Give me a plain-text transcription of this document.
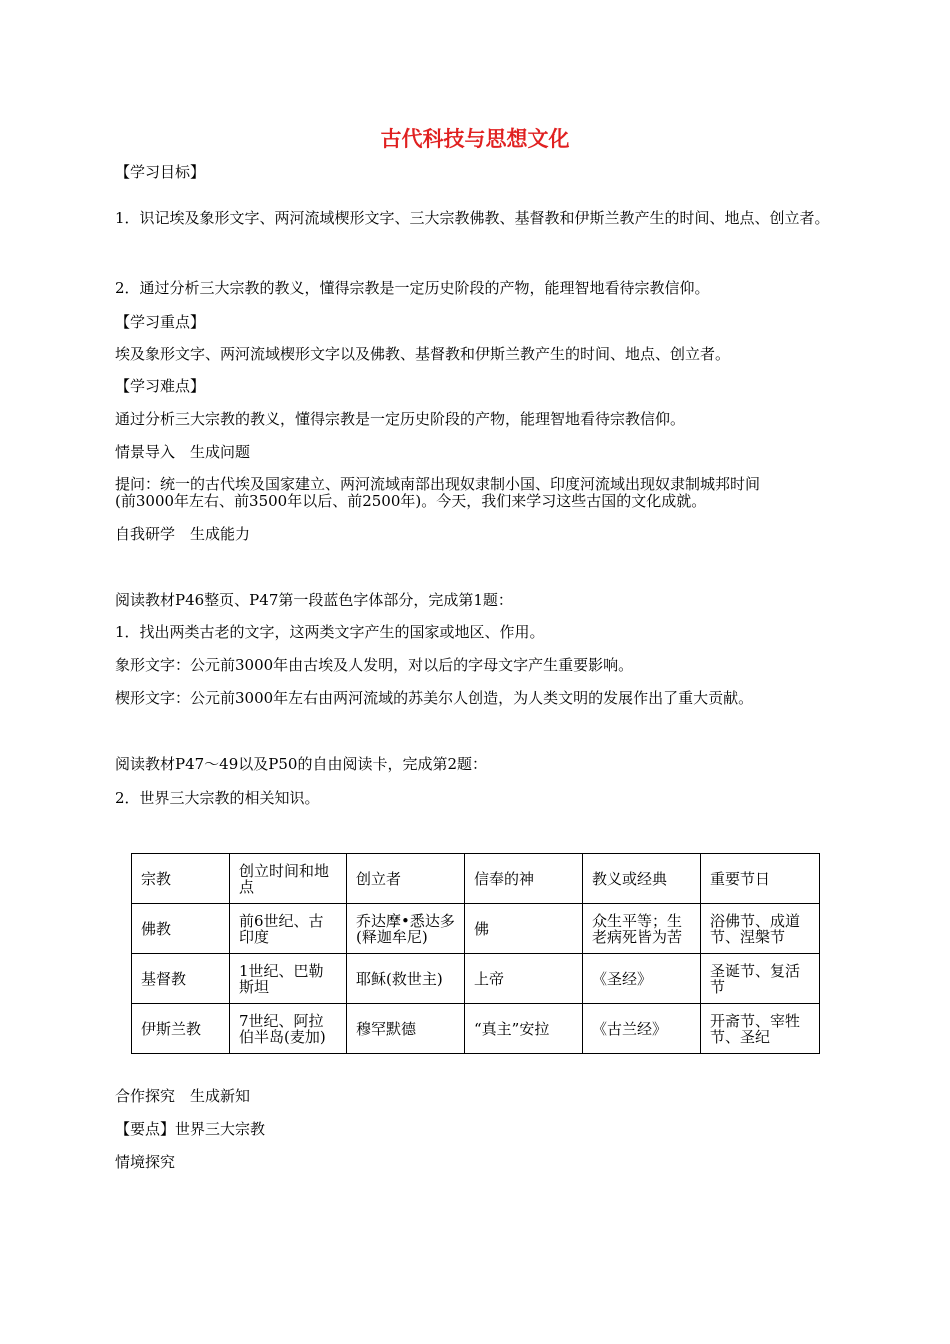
古代科技与思想文化
【学习目标】
1．识记埃及象形文字、两河流域楔形文字、三大宗教佛教、基督教和伊斯兰教产生的时间、地点、创立者。
2．通过分析三大宗教的教义，懂得宗教是一定历史阶段的产物，能理智地看待宗教信仰。
【学习重点】
埃及象形文字、两河流域楔形文字以及佛教、基督教和伊斯兰教产生的时间、地点、创立者。
【学习难点】
通过分析三大宗教的教义，懂得宗教是一定历史阶段的产物，能理智地看待宗教信仰。
情景导入　生成问题
提问：统一的古代埃及国家建立、两河流域南部出现奴隶制小国、印度河流域出现奴隶制城邦时间
(前3000年左右、前3500年以后、前2500年)。今天，我们来学习这些古国的文化成就。
自我研学　生成能力
阅读教材P46整页、P47第一段蓝色字体部分，完成第1题：
1．找出两类古老的文字，这两类文字产生的国家或地区、作用。
象形文字：公元前3000年由古埃及人发明，对以后的字母文字产生重要影响。
楔形文字：公元前3000年左右由两河流域的苏美尔人创造，为人类文明的发展作出了重大贡献。
阅读教材P47～49以及P50的自由阅读卡，完成第2题：
2．世界三大宗教的相关知识。
宗教	创立时间和地点	创立者	信奉的神	教义或经典	重要节日
佛教	前6世纪、古印度	乔达摩•悉达多(释迦牟尼)	佛	众生平等；生老病死皆为苦	浴佛节、成道节、涅槃节
基督教	1世纪、巴勒斯坦	耶稣(救世主)	上帝	《圣经》	圣诞节、复活节
伊斯兰教	7世纪、阿拉伯半岛(麦加)	穆罕默德	“真主”安拉	《古兰经》	开斋节、宰牲节、圣纪
合作探究　生成新知
【要点】世界三大宗教
情境探究
